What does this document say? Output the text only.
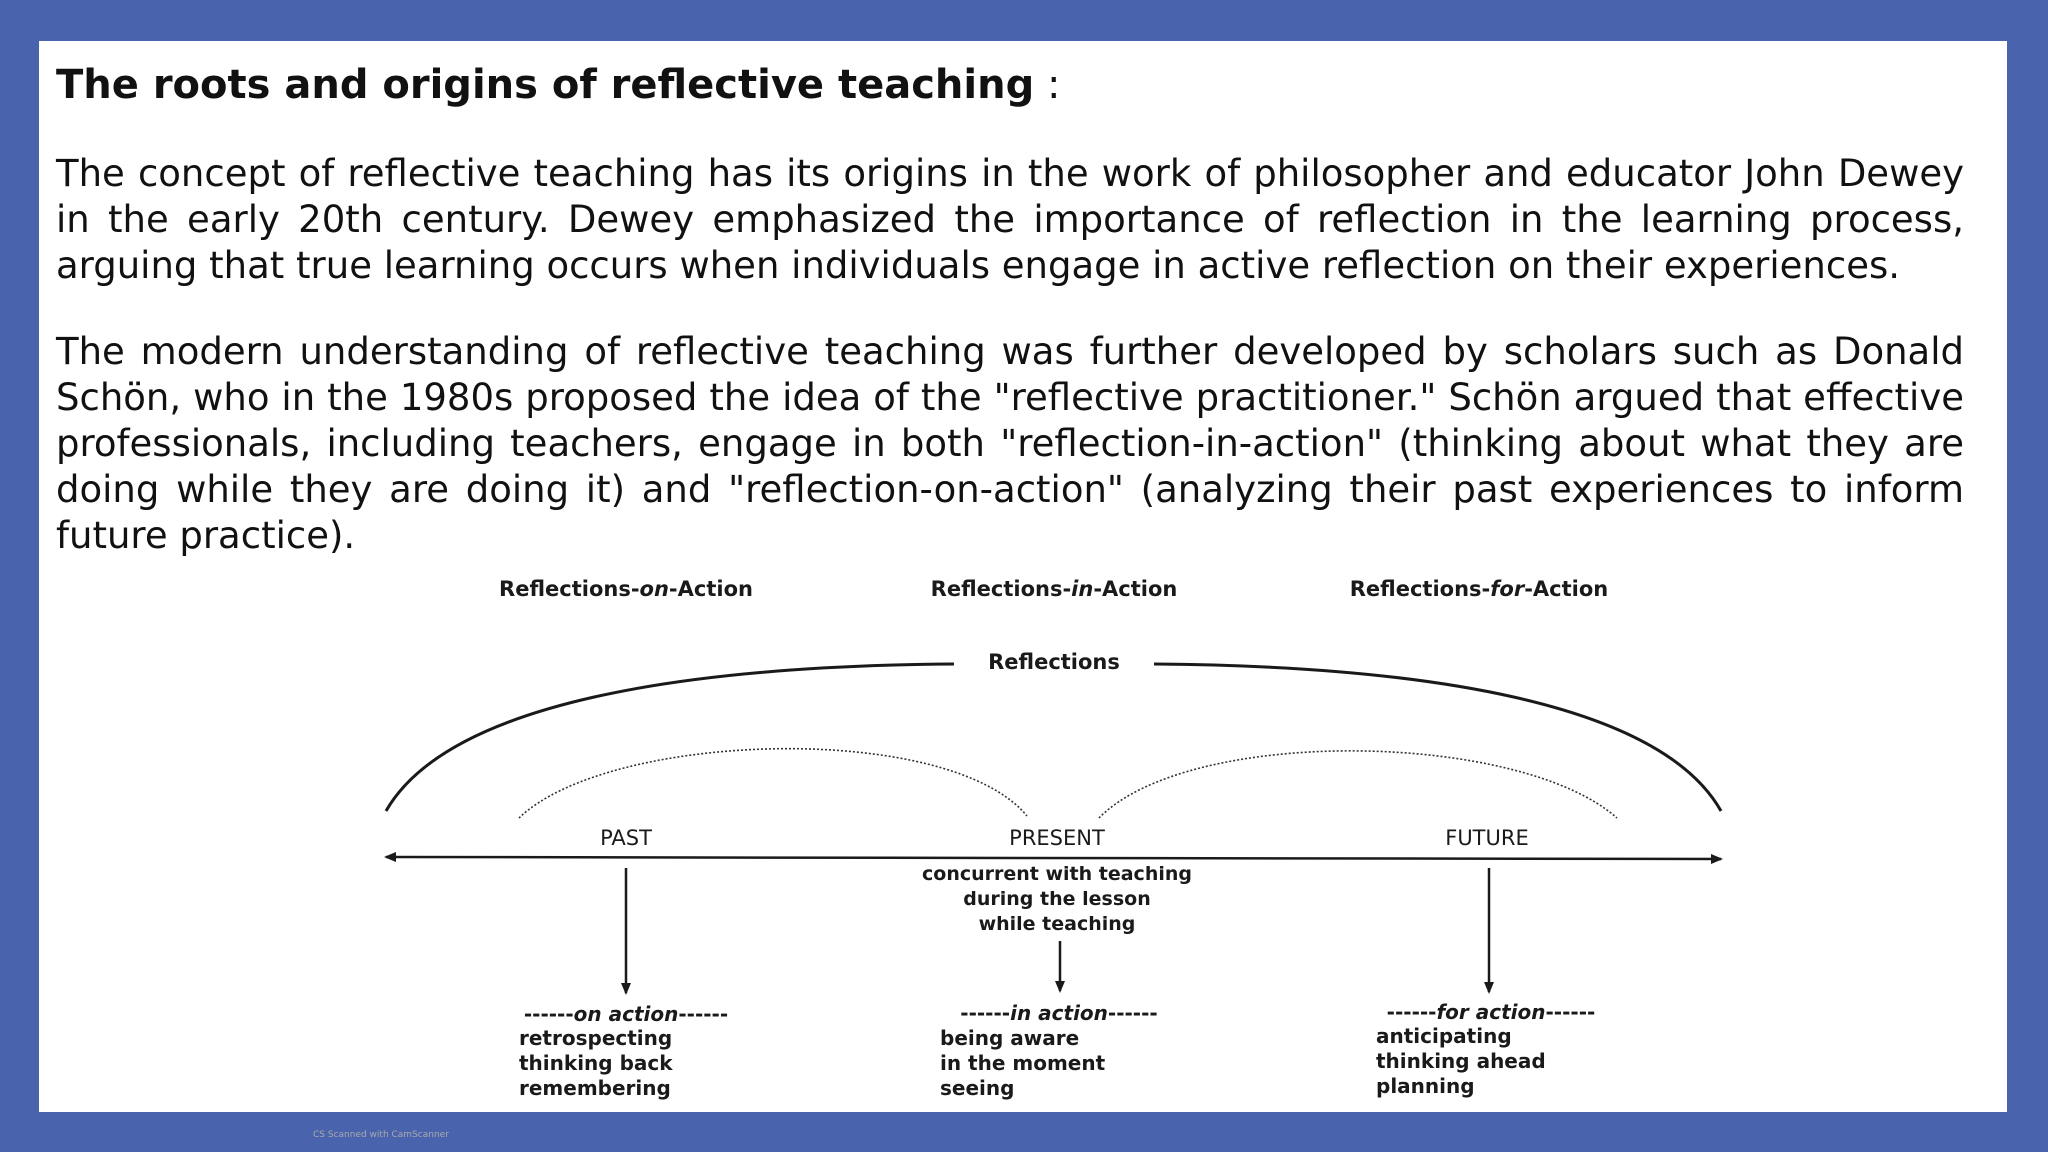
The roots and origins of reflective teaching :

The concept of reflective teaching has its origins in the work of philosopher and educator John Dewey in the early 20th century. Dewey emphasized the importance of reflection in the learning process, arguing that true learning occurs when individuals engage in active reflection on their experiences.

The modern understanding of reflective teaching was further developed by scholars such as Donald Schön, who in the 1980s proposed the idea of the "reflective practitioner." Schön argued that effective professionals, including teachers, engage in both "reflection-in-action" (thinking about what they are doing while they are doing it) and "reflection-on-action" (analyzing their past experiences to inform future practice).

Reflections-on-Action	Reflections-in-Action	Reflections-for-Action
Reflections
PAST	PRESENT	FUTURE
concurrent with teaching
during the lesson
while teaching
------on action------	------in action------	------for action------
retrospecting
thinking back
remembering
being aware
in the moment
seeing
anticipating
thinking ahead
planning
CS Scanned with CamScanner
